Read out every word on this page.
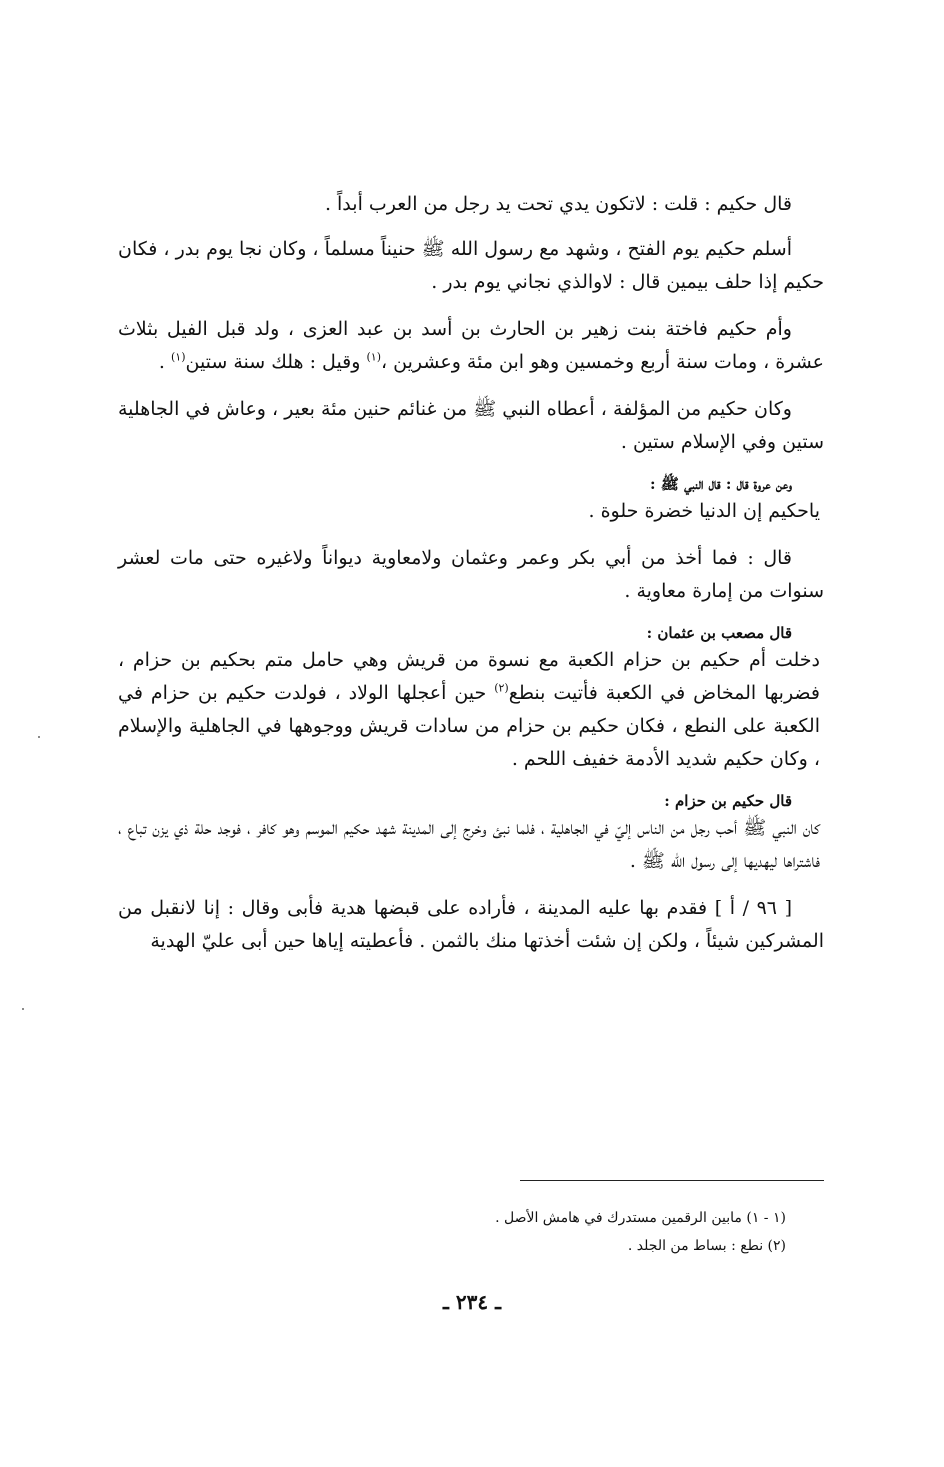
قال حكيم : قلت : لاتكون يدي تحت يد رجل من العرب أبداً .

أسلم حكيم يوم الفتح ، وشهد مع رسول الله ﷺ حنيناً مسلماً ، وكان نجا يوم بدر ، فكان حكيم إذا حلف بيمين قال : لاوالذي نجاني يوم بدر .

وأم حكيم فاختة بنت زهير بن الحارث بن أسد بن عبد العزى ، ولد قبل الفيل بثلاث عشرة ، ومات سنة أربع وخمسين وهو ابن مئة وعشرين ،$^{(١)}$ وقيل : هلك سنة ستين$^{(١)}$ .

وكان حكيم من المؤلفة ، أعطاه النبي ﷺ من غنائم حنين مئة بعير ، وعاش في الجاهلية ستين وفي الإسلام ستين .

وعن عروة قال : قال النبي ﷺ :

ياحكيم إن الدنيا خضرة حلوة .

قال : فما أخذ من أبي بكر وعمر وعثمان ولامعاوية ديواناً ولاغيره حتى مات لعشر سنوات من إمارة معاوية .

قال مصعب بن عثمان :

دخلت أم حكيم بن حزام الكعبة مع نسوة من قريش وهي حامل متم بحكيم بن حزام ، فضربها المخاض في الكعبة فأتيت بنطع$^{(٢)}$ حين أعجلها الولاد ، فولدت حكيم بن حزام في الكعبة على النطع ، فكان حكيم بن حزام من سادات قريش ووجوهها في الجاهلية والإسلام ، وكان حكيم شديد الأدمة خفيف اللحم .

قال حكيم بن حزام :

كان النبي ﷺ أحب رجل من الناس إليّ في الجاهلية ، فلما نبئ وخرج إلى المدينة شهد حكيم الموسم وهو كافر ، فوجد حلة ذي يزن تباع ، فاشتراها ليهديها إلى رسول الله ﷺ .

[ ٩٦ / أ ] فقدم بها عليه المدينة ، فأراده على قبضها هدية فأبى وقال : إنا لانقبل من المشركين شيئاً ، ولكن إن شئت أخذتها منك بالثمن . فأعطيته إياها حين أبى عليّ الهدية

(١ - ١) مابين الرقمين مستدرك في هامش الأصل .
(٢) نطع : بساط من الجلد .
ـ ٢٣٤ ـ
